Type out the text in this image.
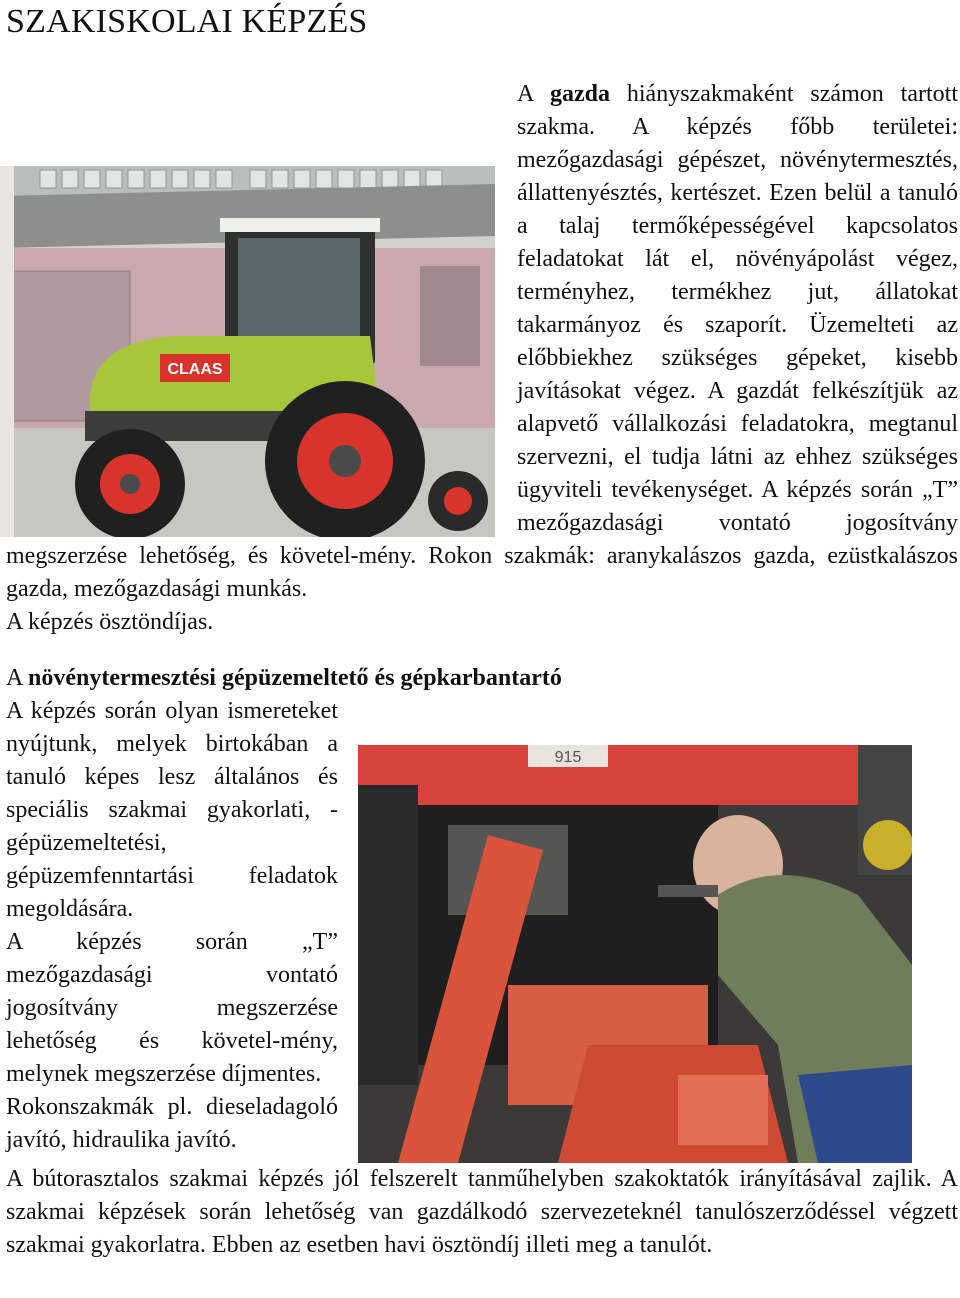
SZAKISKOLAI KÉPZÉS
CLAAS

A gazda hiányszakmaként számon tartott szakma. A képzés főbb területei: mezőgazdasági gépészet, növénytermesztés, állattenyésztés, kertészet. Ezen belül a tanuló a talaj termőképességével kapcsolatos feladatokat lát el, növényápolást végez, terményhez, termékhez jut, állatokat takarmányoz és szaporít. Üzemelteti az előbbiekhez szükséges gépeket, kisebb javításokat végez. A gazdát felkészítjük az alapvető vállalkozási feladatokra, megtanul szervezni, el tudja látni az ehhez szükséges ügyviteli tevékenységet. A képzés során „T” mezőgazdasági vontató jogosítvány megszerzése lehetőség, és követel-mény. Rokon szakmák: aranykalászos gazda, ezüstkalászos gazda, mezőgazdasági munkás.
A képzés ösztöndíjas.

A növénytermesztési gépüzemeltető és gépkarbantartó

915

A képzés során olyan ismereteket nyújtunk, melyek birtokában a tanuló képes lesz általános és speciális szakmai gyakorlati, - gépüzemeltetési, gépüzemfenntartási feladatok megoldására.
A képzés során „T” mezőgazdasági vontató jogosítvány megszerzése lehetőség és követel-mény, melynek megszerzése díjmentes.
Rokonszakmák pl. dieseladagoló javító, hidraulika javító.

A bútorasztalos szakmai képzés jól felszerelt tanműhelyben szakoktatók irányításával zajlik. A szakmai képzések során lehetőség van gazdálkodó szervezeteknél tanulószerződéssel végzett szakmai gyakorlatra. Ebben az esetben havi ösztöndíj illeti meg a tanulót.
